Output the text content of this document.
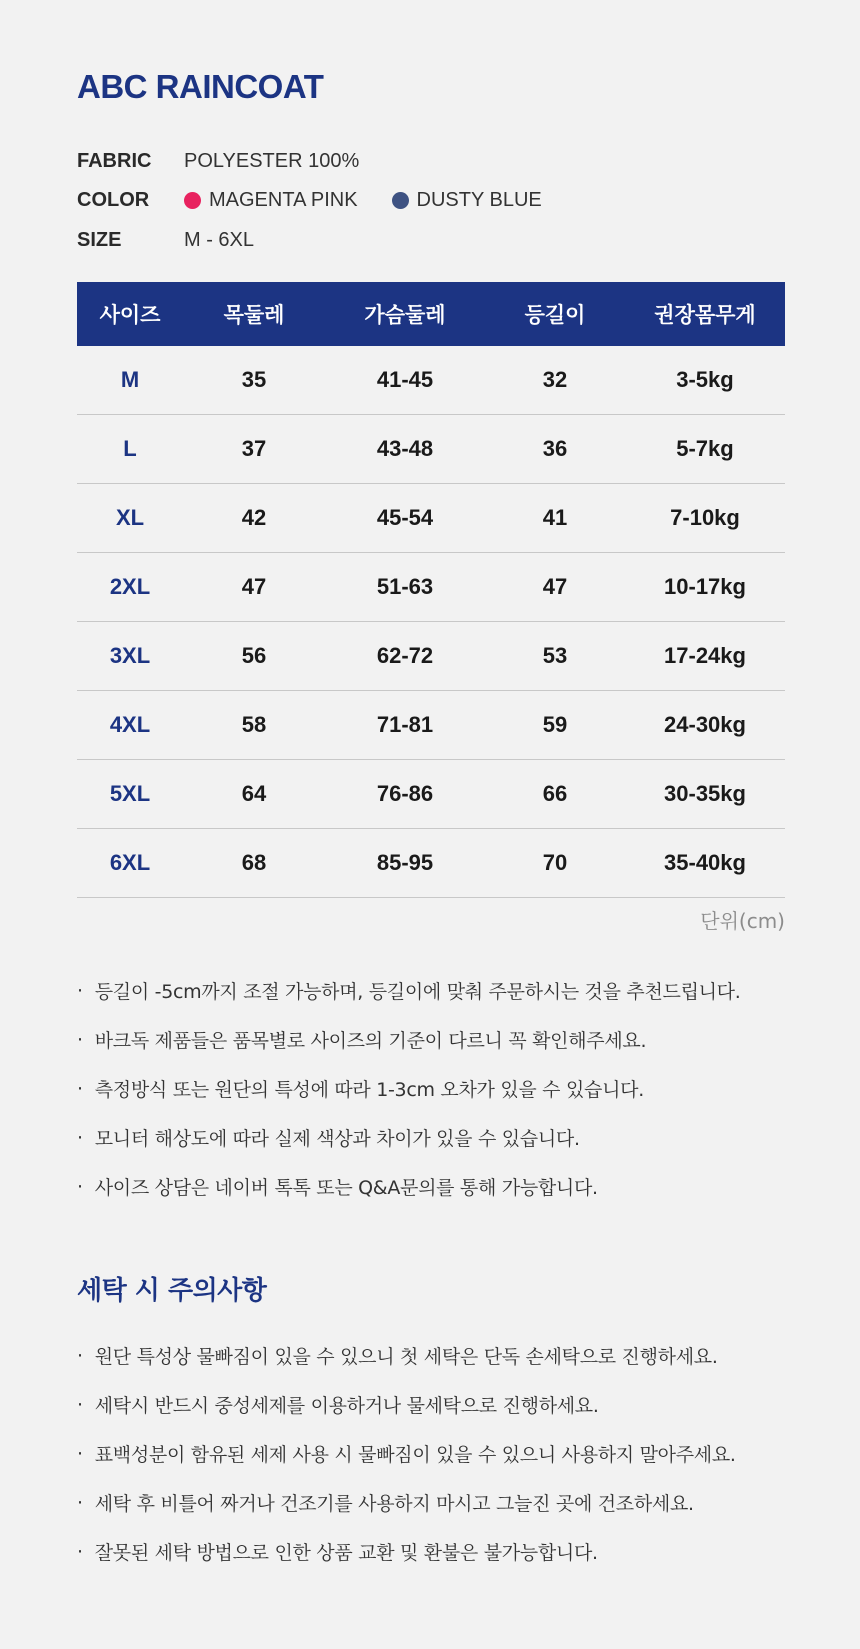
ABC RAINCOAT
FABRIC	POLYESTER 100%
COLOR	MAGENTA PINK	DUSTY BLUE
SIZE	M - 6XL
사이즈	목둘레	가슴둘레	등길이	권장몸무게
M	35	41-45	32	3-5kg
L	37	43-48	36	5-7kg
XL	42	45-54	41	7-10kg
2XL	47	51-63	47	10-17kg
3XL	56	62-72	53	17-24kg
4XL	58	71-81	59	24-30kg
5XL	64	76-86	66	30-35kg
6XL	68	85-95	70	35-40kg
단위(cm)
· 등길이 -5cm까지 조절 가능하며, 등길이에 맞춰 주문하시는 것을 추천드립니다.
· 바크독 제품들은 품목별로 사이즈의 기준이 다르니 꼭 확인해주세요.
· 측정방식 또는 원단의 특성에 따라 1-3cm 오차가 있을 수 있습니다.
· 모니터 해상도에 따라 실제 색상과 차이가 있을 수 있습니다.
· 사이즈 상담은 네이버 톡톡 또는 Q&A문의를 통해 가능합니다.
세탁 시 주의사항
· 원단 특성상 물빠짐이 있을 수 있으니 첫 세탁은 단독 손세탁으로 진행하세요.
· 세탁시 반드시 중성세제를 이용하거나 물세탁으로 진행하세요.
· 표백성분이 함유된 세제 사용 시 물빠짐이 있을 수 있으니 사용하지 말아주세요.
· 세탁 후 비틀어 짜거나 건조기를 사용하지 마시고 그늘진 곳에 건조하세요.
· 잘못된 세탁 방법으로 인한 상품 교환 및 환불은 불가능합니다.
